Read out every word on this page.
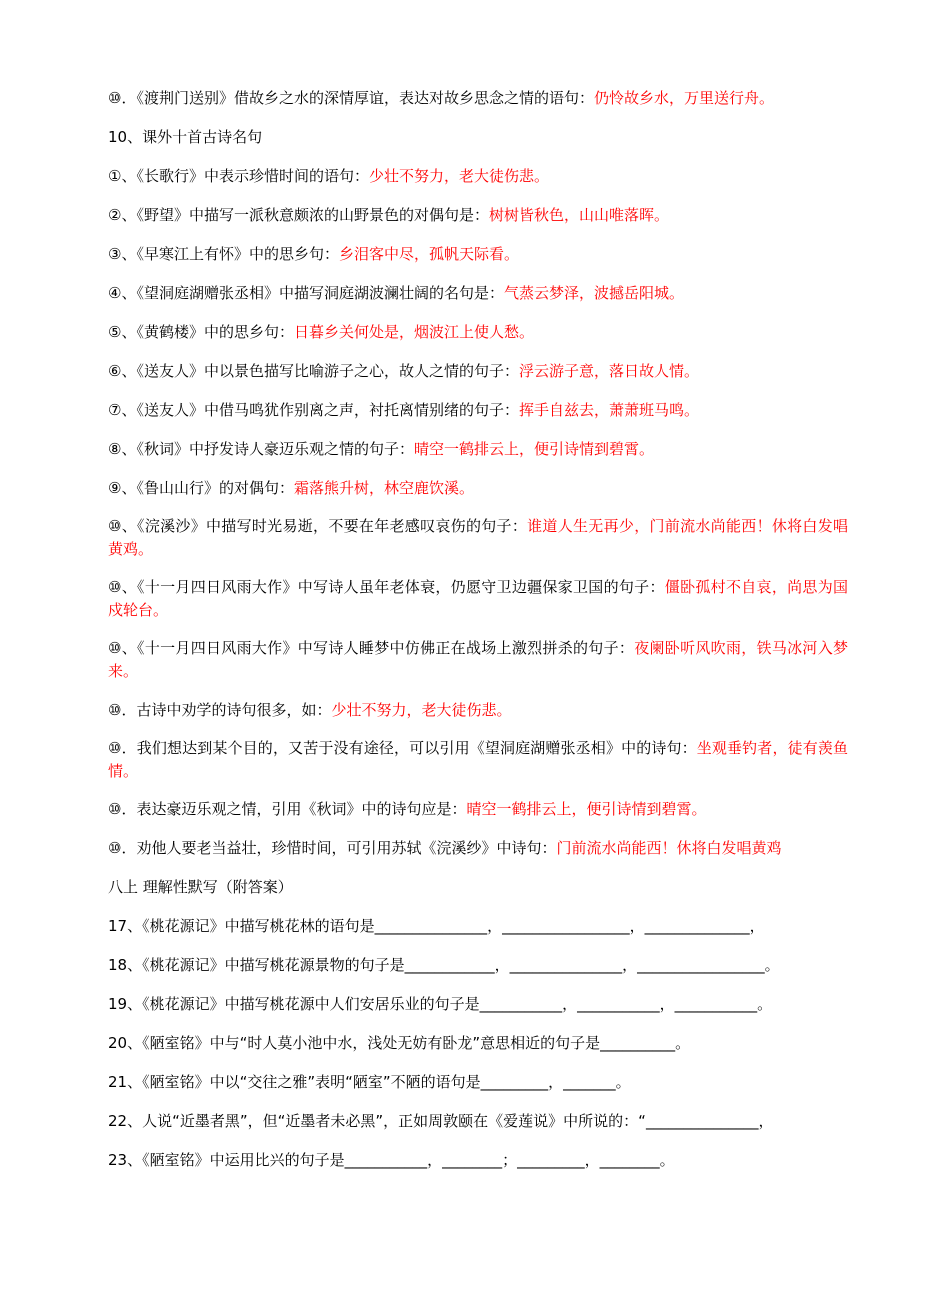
⑩．《渡荆门送别》借故乡之水的深情厚谊，表达对故乡思念之情的语句：仍怜故乡水，万里送行舟。
10、课外十首古诗名句
①、《长歌行》中表示珍惜时间的语句：少壮不努力，老大徒伤悲。
②、《野望》中描写一派秋意颇浓的山野景色的对偶句是：树树皆秋色，山山唯落晖。
③、《早寒江上有怀》中的思乡句：乡泪客中尽，孤帆天际看。
④、《望洞庭湖赠张丞相》中描写洞庭湖波澜壮阔的名句是：气蒸云梦泽，波撼岳阳城。
⑤、《黄鹤楼》中的思乡句：日暮乡关何处是，烟波江上使人愁。
⑥、《送友人》中以景色描写比喻游子之心，故人之情的句子：浮云游子意，落日故人情。
⑦、《送友人》中借马鸣犹作别离之声，衬托离情别绪的句子：挥手自兹去，萧萧班马鸣。
⑧、《秋词》中抒发诗人豪迈乐观之情的句子：晴空一鹤排云上，便引诗情到碧霄。
⑨、《鲁山山行》的对偶句：霜落熊升树，林空鹿饮溪。
⑩、《浣溪沙》中描写时光易逝，不要在年老感叹哀伤的句子：谁道人生无再少，门前流水尚能西！休将白发唱黄鸡。
⑩、《十一月四日风雨大作》中写诗人虽年老体衰，仍愿守卫边疆保家卫国的句子：僵卧孤村不自哀，尚思为国戍轮台。
⑩、《十一月四日风雨大作》中写诗人睡梦中仿佛正在战场上激烈拼杀的句子：夜阑卧听风吹雨，铁马冰河入梦来。
⑩．古诗中劝学的诗句很多，如：少壮不努力，老大徒伤悲。
⑩．我们想达到某个目的，又苦于没有途径，可以引用《望洞庭湖赠张丞相》中的诗句：坐观垂钓者，徒有羡鱼情。
⑩．表达豪迈乐观之情，引用《秋词》中的诗句应是：晴空一鹤排云上，便引诗情到碧霄。
⑩．劝他人要老当益壮，珍惜时间，可引用苏轼《浣溪纱》中诗句：门前流水尚能西！休将白发唱黄鸡
八上 理解性默写（附答案）
17、《桃花源记》中描写桃花林的语句是_______________，_________________，______________，
18、《桃花源记》中描写桃花源景物的句子是____________，_______________，_________________。
19、《桃花源记》中描写桃花源中人们安居乐业的句子是___________，___________，___________。
20、《陋室铭》中与“时人莫小池中水，浅处无妨有卧龙”意思相近的句子是__________。
21、《陋室铭》中以“交往之雅”表明“陋室”不陋的语句是_________，_______。
22、人说“近墨者黑”，但“近墨者未必黑”，正如周敦颐在《爱莲说》中所说的：“_______________，
23、《陋室铭》中运用比兴的句子是___________，________；_________，________。
